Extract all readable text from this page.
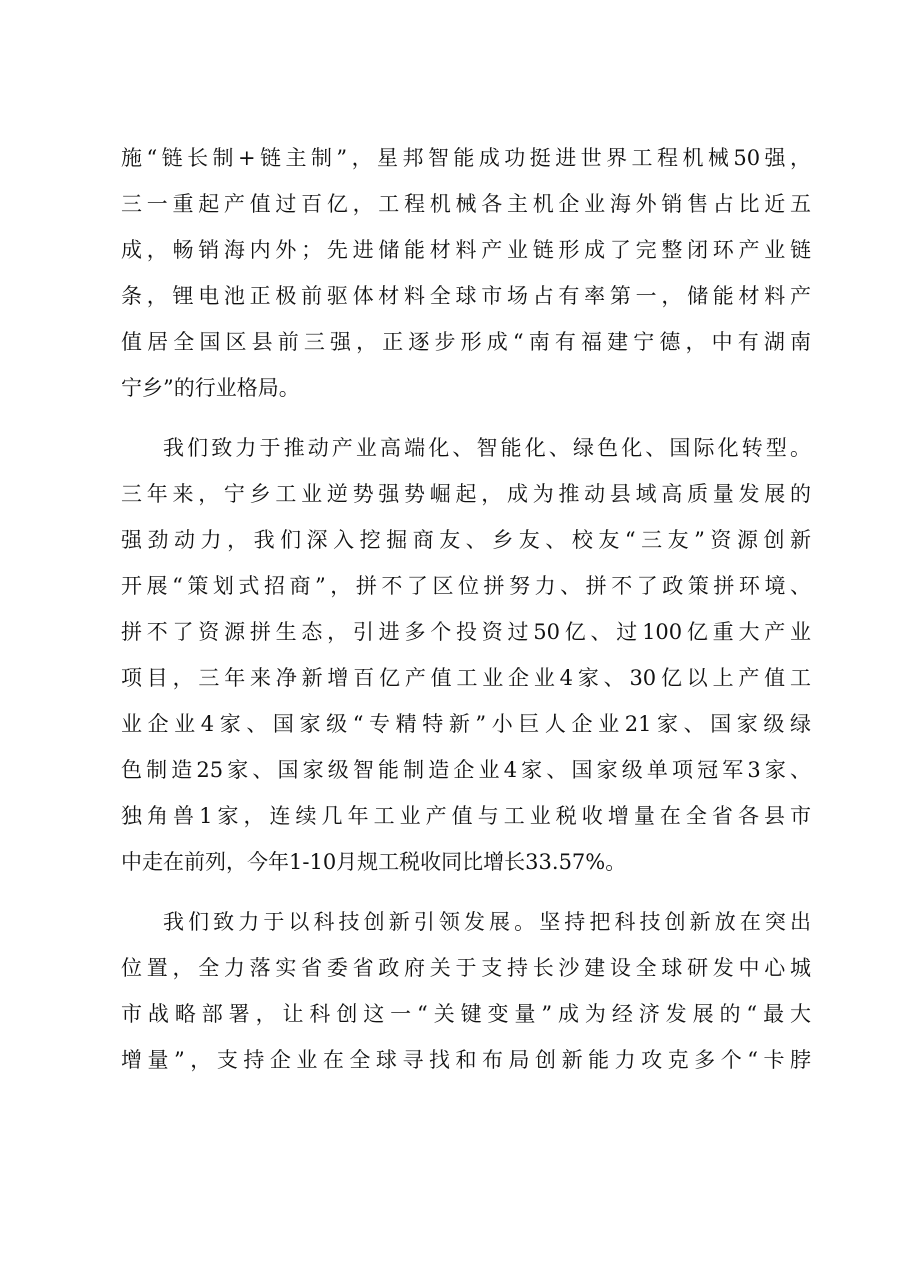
施“链长制+链主制”，星邦智能成功挺进世界工程机械50强，
三一重起产值过百亿，工程机械各主机企业海外销售占比近五
成，畅销海内外；先进储能材料产业链形成了完整闭环产业链
条，锂电池正极前驱体材料全球市场占有率第一，储能材料产
值居全国区县前三强，正逐步形成“南有福建宁德，中有湖南
宁乡”的行业格局。
我们致力于推动产业高端化、智能化、绿色化、国际化转型。
三年来，宁乡工业逆势强势崛起，成为推动县域高质量发展的
强劲动力，我们深入挖掘商友、乡友、校友“三友”资源创新
开展“策划式招商”，拼不了区位拼努力、拼不了政策拼环境、
拼不了资源拼生态，引进多个投资过50亿、过100亿重大产业
项目，三年来净新增百亿产值工业企业4家、30亿以上产值工
业企业4家、国家级“专精特新”小巨人企业21家、国家级绿
色制造25家、国家级智能制造企业4家、国家级单项冠军3家、
独角兽1家，连续几年工业产值与工业税收增量在全省各县市
中走在前列，今年1-10月规工税收同比增长33.57%。
我们致力于以科技创新引领发展。坚持把科技创新放在突出
位置，全力落实省委省政府关于支持长沙建设全球研发中心城
市战略部署，让科创这一“关键变量”成为经济发展的“最大
增量”，支持企业在全球寻找和布局创新能力攻克多个“卡脖
